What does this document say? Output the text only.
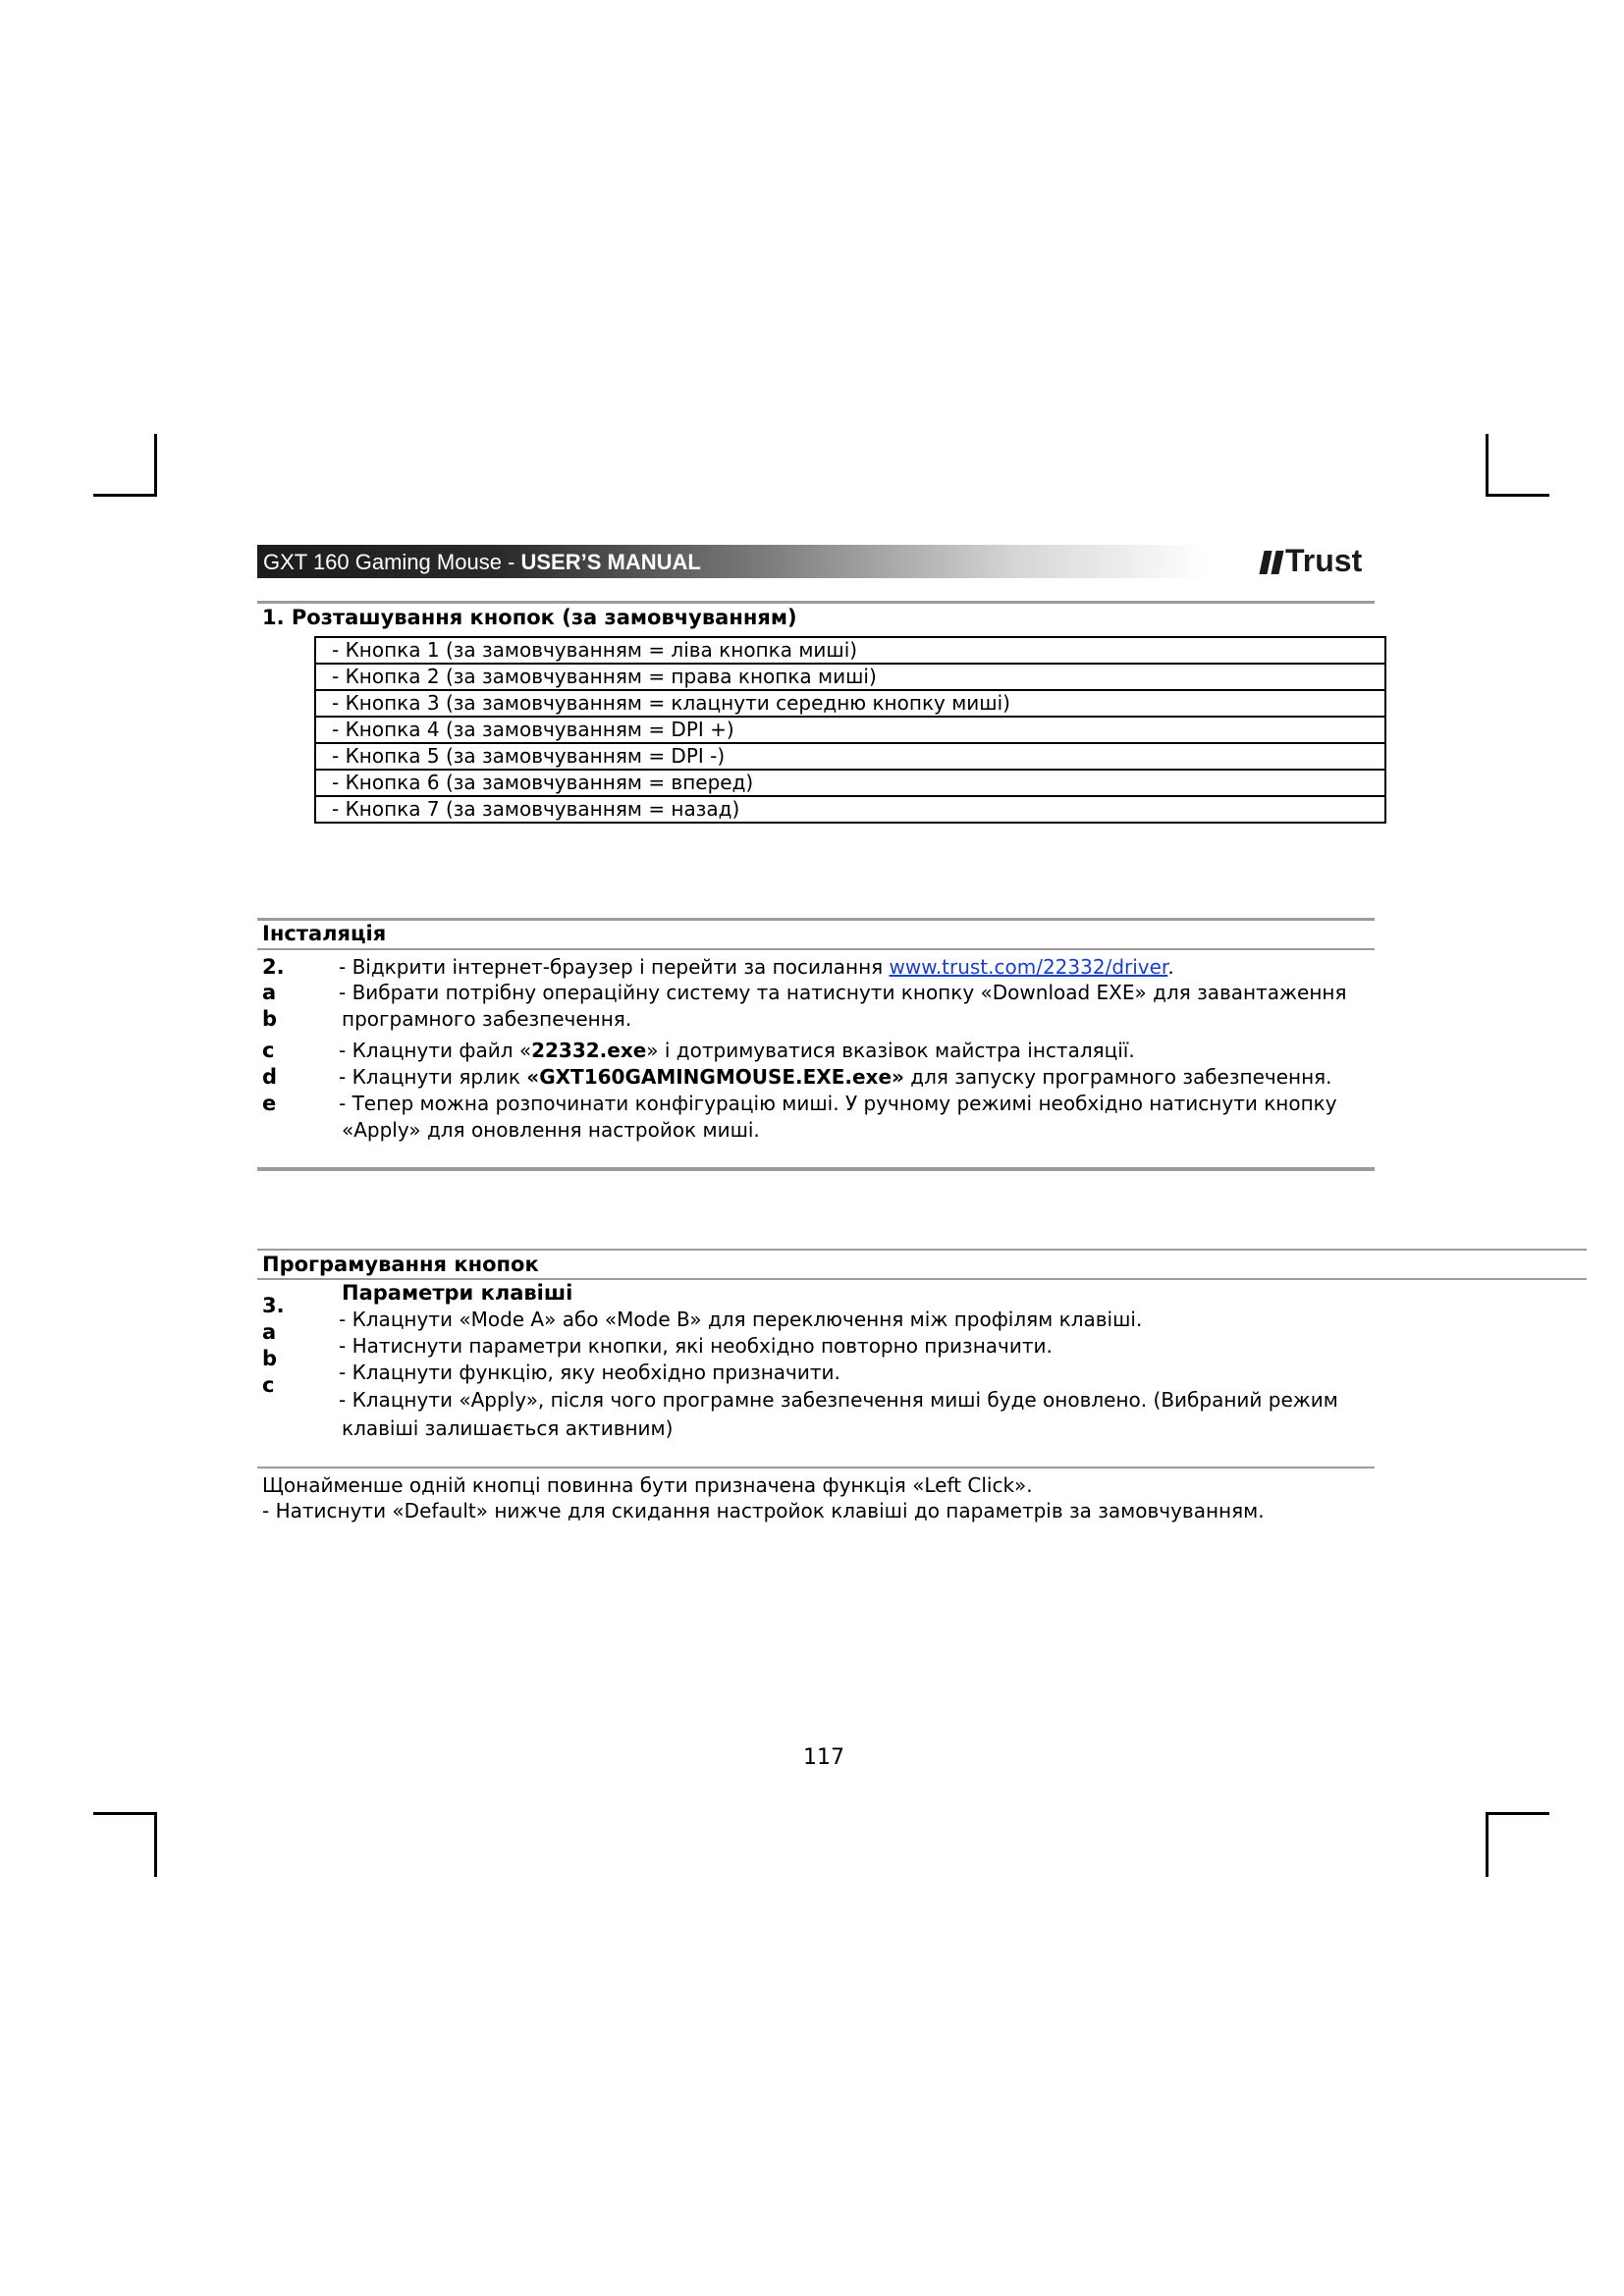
GXT 160 Gaming Mouse - USER’S MANUAL	Trust
1. Розташування кнопок (за замовчуванням)
- Кнопка 1 (за замовчуванням = ліва кнопка миші)
- Кнопка 2 (за замовчуванням = права кнопка миші)
- Кнопка 3 (за замовчуванням = клацнути середню кнопку миші)
- Кнопка 4 (за замовчуванням = DPI +)
- Кнопка 5 (за замовчуванням = DPI -)
- Кнопка 6 (за замовчуванням = вперед)
- Кнопка 7 (за замовчуванням = назад)
Інсталяція
2.
a
b
c
d
e
- Відкрити інтернет-браузер і перейти за посилання www.trust.com/22332/driver.
- Вибрати потрібну операційну систему та натиснути кнопку «Download EXE» для завантаження
програмного забезпечення.
- Клацнути файл «22332.exe» і дотримуватися вказівок майстра інсталяції.
- Клацнути ярлик «GXT160GAMINGMOUSE.EXE.exe» для запуску програмного забезпечення.
- Тепер можна розпочинати конфігурацію миші. У ручному режимі необхідно натиснути кнопку
«Apply» для оновлення настройок миші.
Програмування кнопок
3.
a
b
c
Параметри клавіші
- Клацнути «Mode A» або «Mode B» для переключення між профілям клавіші.
- Натиснути параметри кнопки, які необхідно повторно призначити.
- Клацнути функцію, яку необхідно призначити.
- Клацнути «Apply», після чого програмне забезпечення миші буде оновлено. (Вибраний режим
клавіші залишається активним)
Щонайменше одній кнопці повинна бути призначена функція «Left Click».
- Натиснути «Default» нижче для скидання настройок клавіші до параметрів за замовчуванням.
117
